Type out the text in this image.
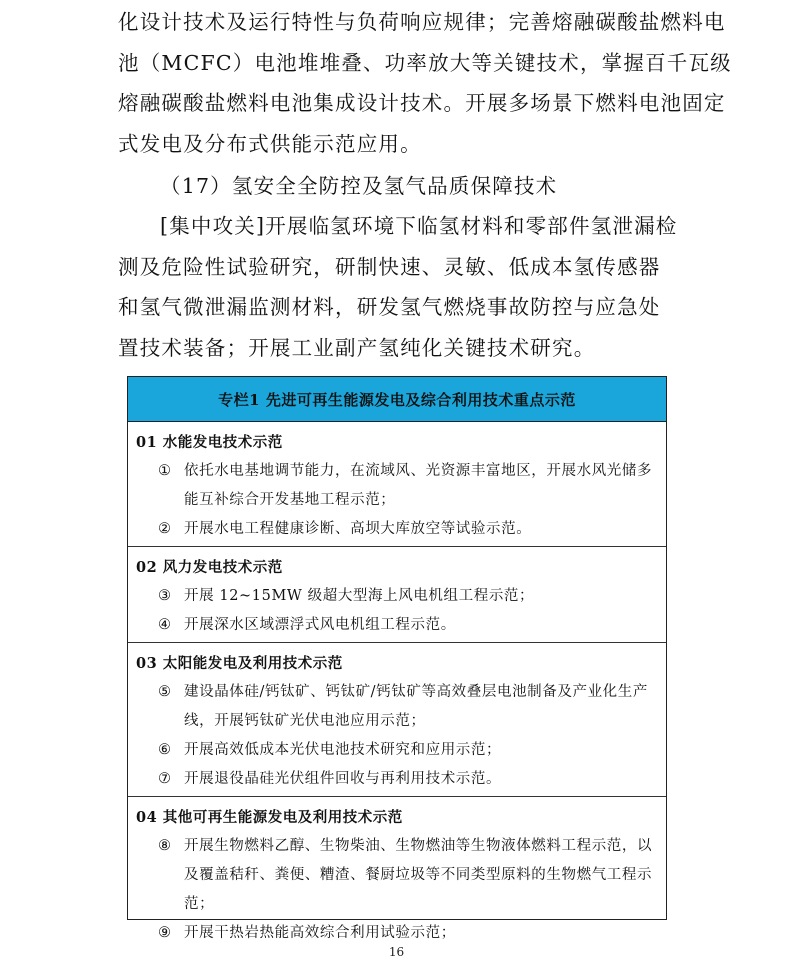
化设计技术及运行特性与负荷响应规律；完善熔融碳酸盐燃料电
池（MCFC）电池堆堆叠、功率放大等关键技术，掌握百千瓦级
熔融碳酸盐燃料电池集成设计技术。开展多场景下燃料电池固定
式发电及分布式供能示范应用。
（17）氢安全全防控及氢气品质保障技术
[集中攻关]开展临氢环境下临氢材料和零部件氢泄漏检测及危险性试验研究，研制快速、灵敏、低成本氢传感器和氢气微泄漏监测材料，研发氢气燃烧事故防控与应急处置技术装备；开展工业副产氢纯化关键技术研究。
专栏1 先进可再生能源发电及综合利用技术重点示范
01 水能发电技术示范
① 依托水电基地调节能力，在流域风、光资源丰富地区，开展水风光储多能互补综合开发基地工程示范；
② 开展水电工程健康诊断、高坝大库放空等试验示范。
02 风力发电技术示范
③ 开展 12~15MW 级超大型海上风电机组工程示范；
④ 开展深水区域漂浮式风电机组工程示范。
03 太阳能发电及利用技术示范
⑤ 建设晶体硅/钙钛矿、钙钛矿/钙钛矿等高效叠层电池制备及产业化生产线，开展钙钛矿光伏电池应用示范；
⑥ 开展高效低成本光伏电池技术研究和应用示范；
⑦ 开展退役晶硅光伏组件回收与再利用技术示范。
04 其他可再生能源发电及利用技术示范
⑧ 开展生物燃料乙醇、生物柴油、生物燃油等生物液体燃料工程示范，以及覆盖秸秆、粪便、糟渣、餐厨垃圾等不同类型原料的生物燃气工程示范；
⑨ 开展干热岩热能高效综合利用试验示范；
16
